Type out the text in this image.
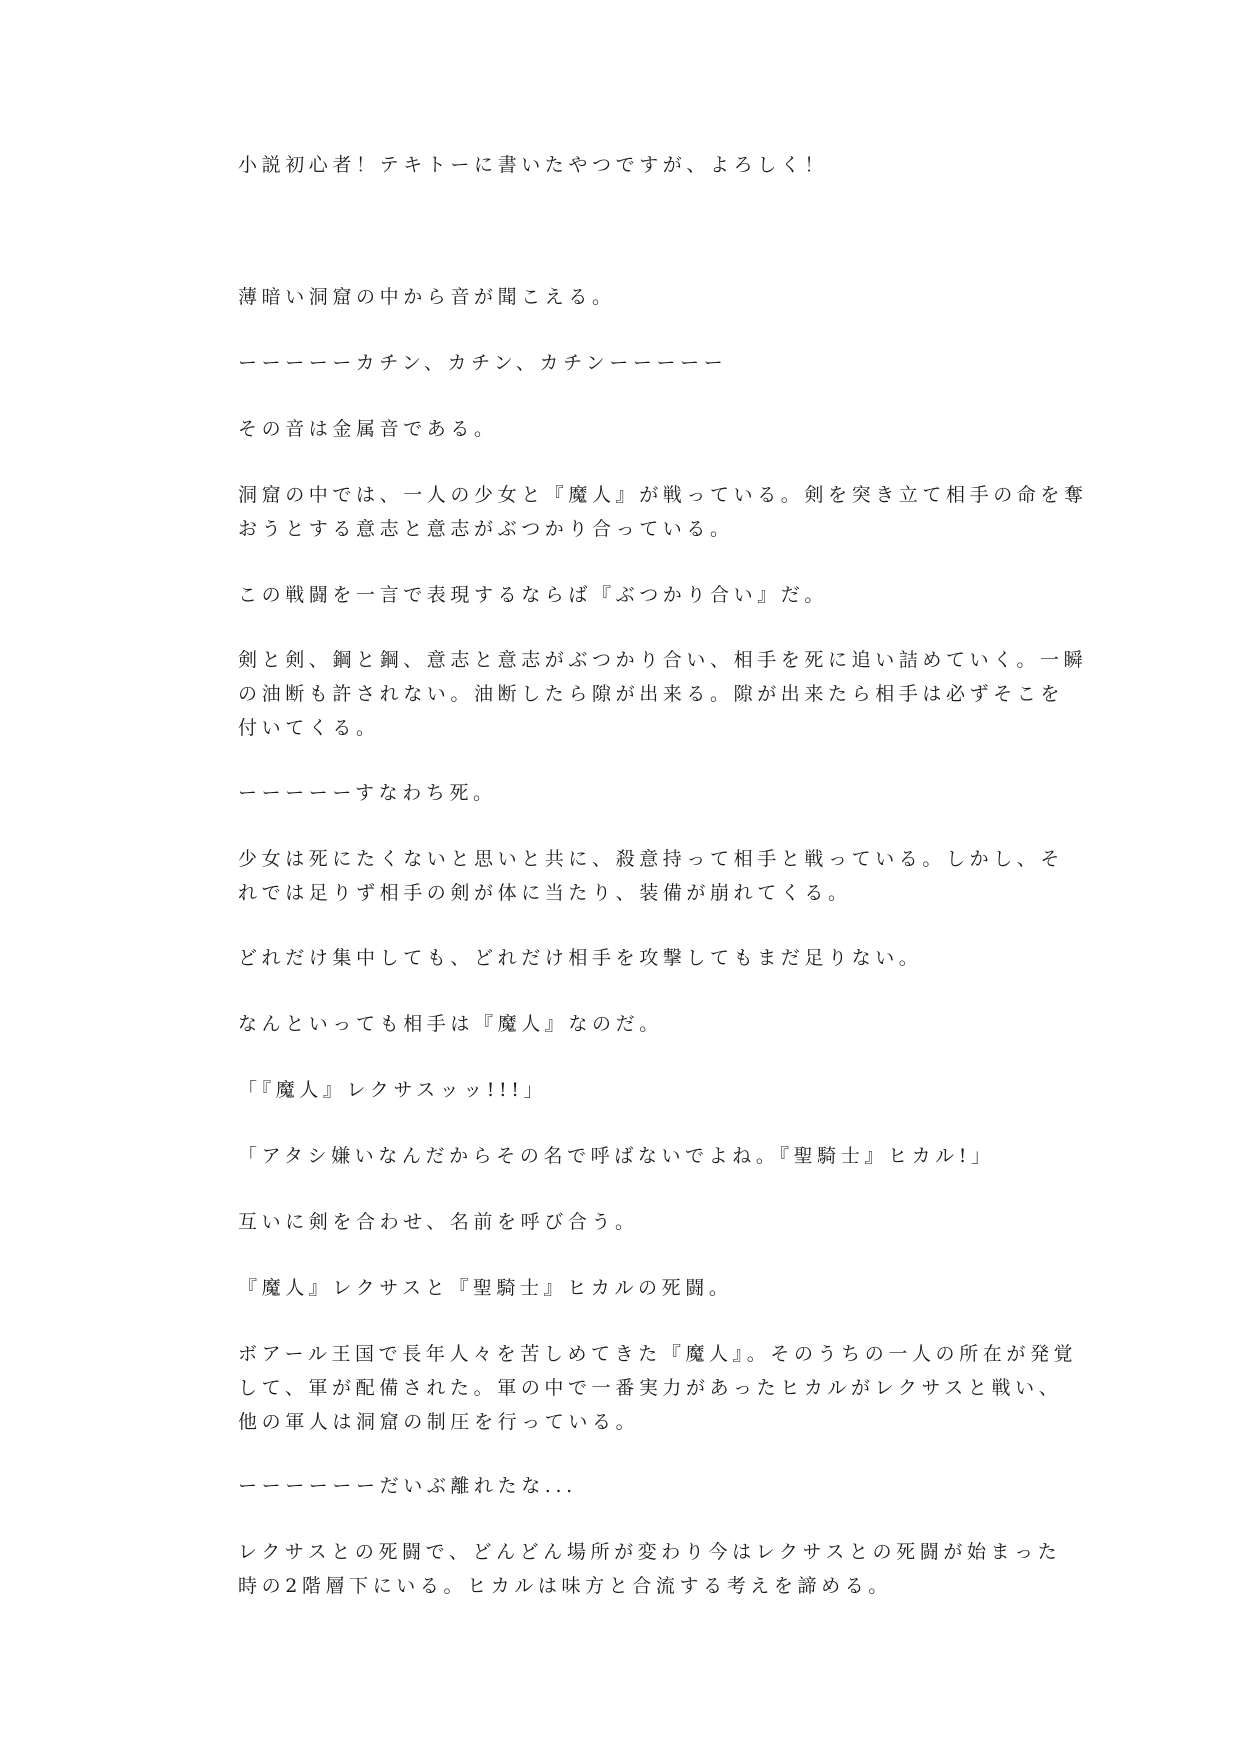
小説初心者！テキトーに書いたやつですが、よろしく！
薄暗い洞窟の中から音が聞こえる。
ーーーーーカチン、カチン、カチンーーーーー
その音は金属音である。
洞窟の中では、一人の少女と『魔人』が戦っている。剣を突き立て相手の命を奪
おうとする意志と意志がぶつかり合っている。
この戦闘を一言で表現するならば『ぶつかり合い』だ。
剣と剣、鋼と鋼、意志と意志がぶつかり合い、相手を死に追い詰めていく。一瞬
の油断も許されない。油断したら隙が出来る。隙が出来たら相手は必ずそこを
付いてくる。
ーーーーーすなわち死。
少女は死にたくないと思いと共に、殺意持って相手と戦っている。しかし、そ
れでは足りず相手の剣が体に当たり、装備が崩れてくる。
どれだけ集中しても、どれだけ相手を攻撃してもまだ足りない。
なんといっても相手は『魔人』なのだ。
「『魔人』レクサスッッ!!!」
「アタシ嫌いなんだからその名で呼ばないでよね。『聖騎士』ヒカル!」
互いに剣を合わせ、名前を呼び合う。
『魔人』レクサスと『聖騎士』ヒカルの死闘。
ボアール王国で長年人々を苦しめてきた『魔人』。そのうちの一人の所在が発覚
して、軍が配備された。軍の中で一番実力があったヒカルがレクサスと戦い、
他の軍人は洞窟の制圧を行っている。
ーーーーーーだいぶ離れたな...
レクサスとの死闘で、どんどん場所が変わり今はレクサスとの死闘が始まった
時の2階層下にいる。ヒカルは味方と合流する考えを諦める。
